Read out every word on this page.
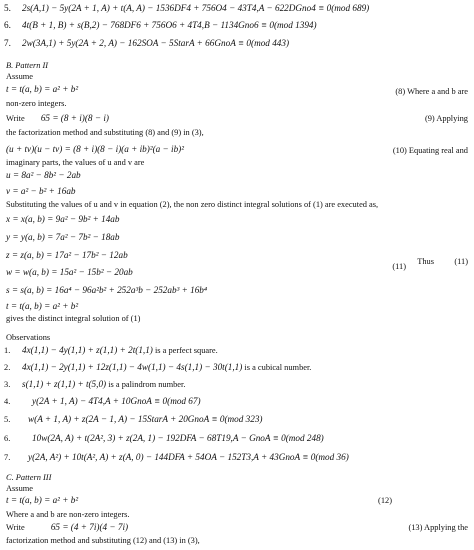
5. 2s(A,1) − 5y(2A + 1, A) + t(A, A) − 1536DF4 + 756O4 − 43T4,A − 622DGno4 ≡ 0(mod 689)
6. 4t(B + 1, B) + s(B,2) − 768DF6 + 756O6 + 4T4,B − 1134Gno6 ≡ 0(mod 1394)
7. 2w(3A,1) + 5y(2A + 2, A) − 162SOA − 5StarA + 66GnoA ≡ 0(mod 443)
B. Pattern II
Assume
t = t(a, b) = a² + b²	(8) Where a and b are
non-zero integers.
Write 65 = (8 + i)(8 − i)	(9) Applying
the factorization method and substituting (8) and (9) in (3),
(u + tv)(u − tv) = (8 + i)(8 − i)(a + ib)²(a − ib)²	(10) Equating real and
imaginary parts, the values of u and v are
u = 8a² − 8b² − 2ab
v = a² − b² + 16ab
Substituting the values of u and v in equation (2), the non zero distinct integral solutions of (1) are executed as,
x = x(a, b) = 9a² − 9b² + 14ab
y = y(a, b) = 7a² − 7b² − 18ab
z = z(a, b) = 17a² − 17b² − 12ab
w = w(a, b) = 15a² − 15b² − 20ab
(11)
Thus (11)
s = s(a, b) = 16a⁴ − 96a²b² + 252a³b − 252ab³ + 16b⁴
t = t(a, b) = a² + b²
gives the distinct integral solution of (1)
Observations
1. 4x(1,1) − 4y(1,1) + z(1,1) + 2t(1,1) is a perfect square.
2. 4x(1,1) − 2y(1,1) + 12z(1,1) − 4w(1,1) − 4s(1,1) − 30t(1,1) is a cubical number.
3. s(1,1) + z(1,1) + t(5,0) is a palindrom number.
4. y(2A + 1, A) − 4T4,A + 10GnoA ≡ 0(mod 67)
5. w(A + 1, A) + z(2A − 1, A) − 15StarA + 20GnoA ≡ 0(mod 323)
6. 10w(2A, A) + t(2A², 3) + z(2A, 1) − 192DFA − 68T19,A − GnoA ≡ 0(mod 248)
7. y(2A, A²) + 10t(A², A) + z(A, 0) − 144DFA + 54OA − 152T3,A + 43GnoA ≡ 0(mod 36)
C. Pattern III
Assume
t = t(a, b) = a² + b²	(12)
Where a and b are non-zero integers.
Write	65 = (4 + 7i)(4 − 7i)	(13) Applying the
factorization method and substituting (12) and (13) in (3),
